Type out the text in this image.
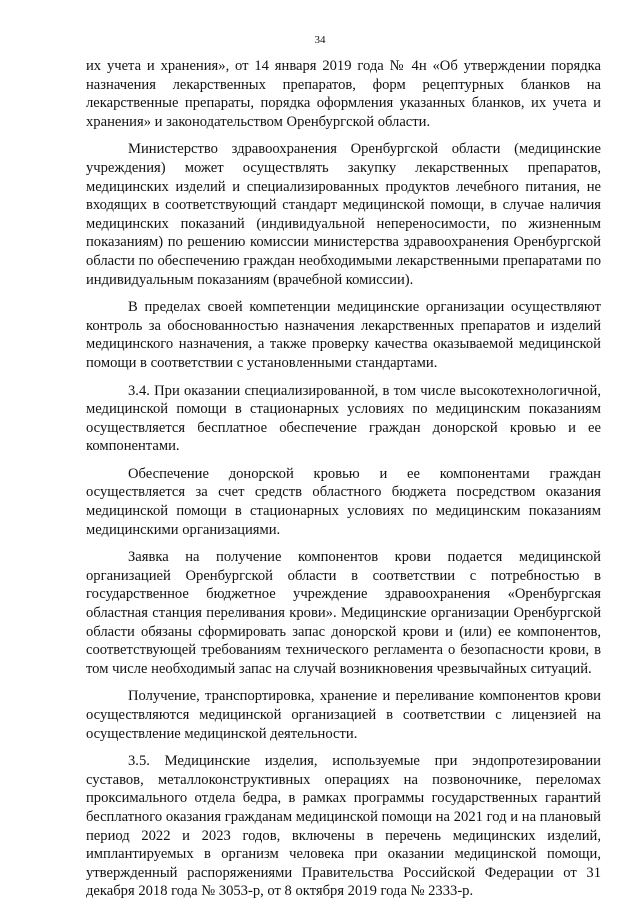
34

их учета и хранения», от 14 января 2019 года № 4н «Об утверждении порядка назначения лекарственных препаратов, форм рецептурных бланков на лекарственные препараты, порядка оформления указанных бланков, их учета и хранения» и законодательством Оренбургской области.

Министерство здравоохранения Оренбургской области (медицинские учреждения) может осуществлять закупку лекарственных препаратов, медицинских изделий и специализированных продуктов лечебного питания, не входящих в соответствующий стандарт медицинской помощи, в случае наличия медицинских показаний (индивидуальной непереносимости, по жизненным показаниям) по решению комиссии министерства здравоохранения Оренбургской области по обеспечению граждан необходимыми лекарственными препаратами по индивидуальным показаниям (врачебной комиссии).

В пределах своей компетенции медицинские организации осуществляют контроль за обоснованностью назначения лекарственных препаратов и изделий медицинского назначения, а также проверку качества оказываемой медицинской помощи в соответствии с установленными стандартами.

3.4. При оказании специализированной, в том числе высокотехнологичной, медицинской помощи в стационарных условиях по медицинским показаниям осуществляется бесплатное обеспечение граждан донорской кровью и ее компонентами.

Обеспечение донорской кровью и ее компонентами граждан осуществляется за счет средств областного бюджета посредством оказания медицинской помощи в стационарных условиях по медицинским показаниям медицинскими организациями.

Заявка на получение компонентов крови подается медицинской организацией Оренбургской области в соответствии с потребностью в государственное бюджетное учреждение здравоохранения «Оренбургская областная станция переливания крови». Медицинские организации Оренбургской области обязаны сформировать запас донорской крови и (или) ее компонентов, соответствующей требованиям технического регламента о безопасности крови, в том числе необходимый запас на случай возникновения чрезвычайных ситуаций.

Получение, транспортировка, хранение и переливание компонентов крови осуществляются медицинской организацией в соответствии с лицензией на осуществление медицинской деятельности.

3.5. Медицинские изделия, используемые при эндопротезировании суставов, металлоконструктивных операциях на позвоночнике, переломах проксимального отдела бедра, в рамках программы государственных гарантий бесплатного оказания гражданам медицинской помощи на 2021 год и на плановый период 2022 и 2023 годов, включены в перечень медицинских изделий, имплантируемых в организм человека при оказании медицинской помощи, утвержденный распоряжениями Правительства Российской Федерации от 31 декабря 2018 года № 3053-р, от 8 октября 2019 года № 2333-р.
